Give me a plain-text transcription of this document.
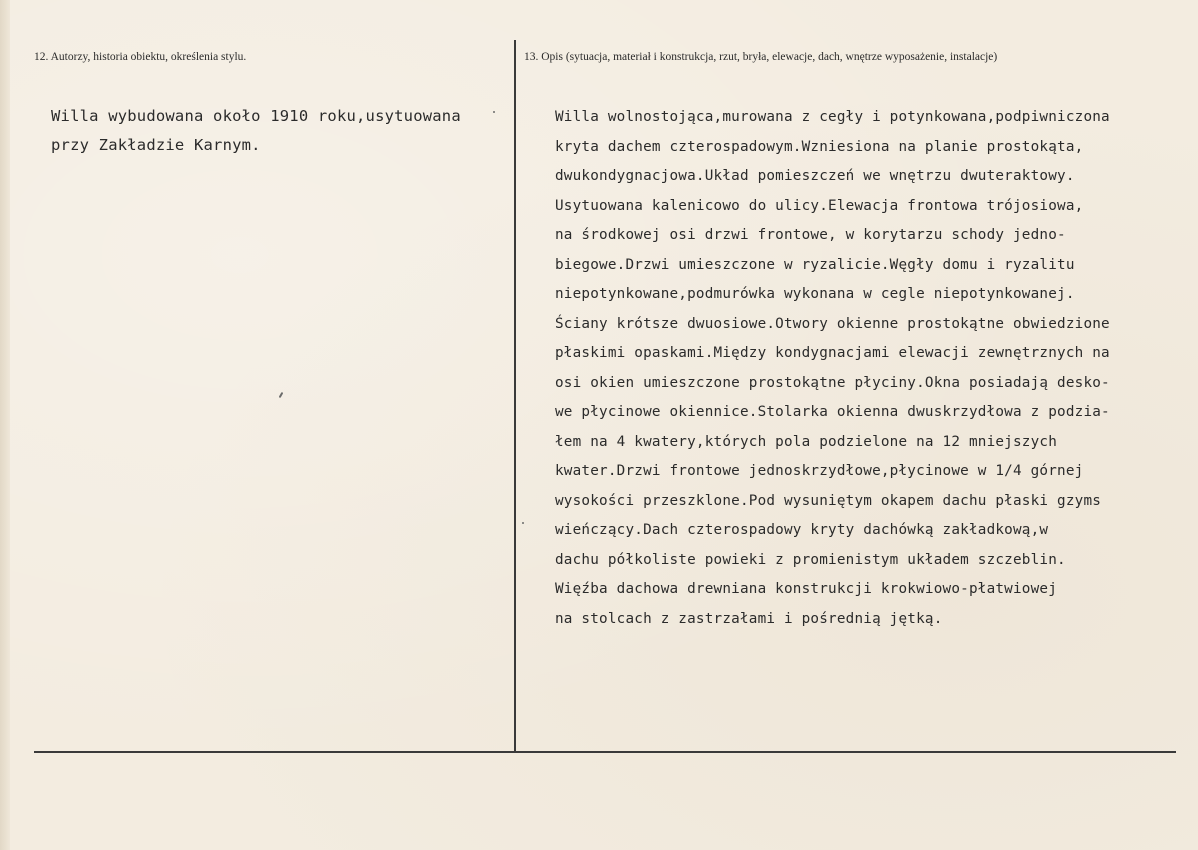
12. Autorzy, historia obiektu, określenia stylu.	13. Opis (sytuacja, materiał i konstrukcja, rzut, bryła, elewacje, dach, wnętrze wyposażenie, instalacje)
Willa wybudowana około 1910 roku,usytuowana
przy Zakładzie Karnym.
Willa wolnostojąca,murowana z cegły i potynkowana,podpiwniczona
kryta dachem czterospadowym.Wzniesiona na planie prostokąta,
dwukondygnacjowa.Układ pomieszczeń we wnętrzu dwuteraktowy.
Usytuowana kalenicowo do ulicy.Elewacja frontowa trójosiowa,
na środkowej osi drzwi frontowe, w korytarzu schody jedno-
biegowe.Drzwi umieszczone w ryzalicie.Węgły domu i ryzalitu
niepotynkowane,podmurówka wykonana w cegle niepotynkowanej.
Ściany krótsze dwuosiowe.Otwory okienne prostokątne obwiedzione
płaskimi opaskami.Między kondygnacjami elewacji zewnętrznych na
osi okien umieszczone prostokątne płyciny.Okna posiadają desko-
we płycinowe okiennice.Stolarka okienna dwuskrzydłowa z podzia-
łem na 4 kwatery,których pola podzielone na 12 mniejszych
kwater.Drzwi frontowe jednoskrzydłowe,płycinowe w 1/4 górnej
wysokości przeszklone.Pod wysuniętym okapem dachu płaski gzyms
wieńczący.Dach czterospadowy kryty dachówką zakładkową,w
dachu półkoliste powieki z promienistym układem szczeblin.
Więźba dachowa drewniana konstrukcji krokwiowo-płatwiowej
na stolcach z zastrzałami i pośrednią jętką.
